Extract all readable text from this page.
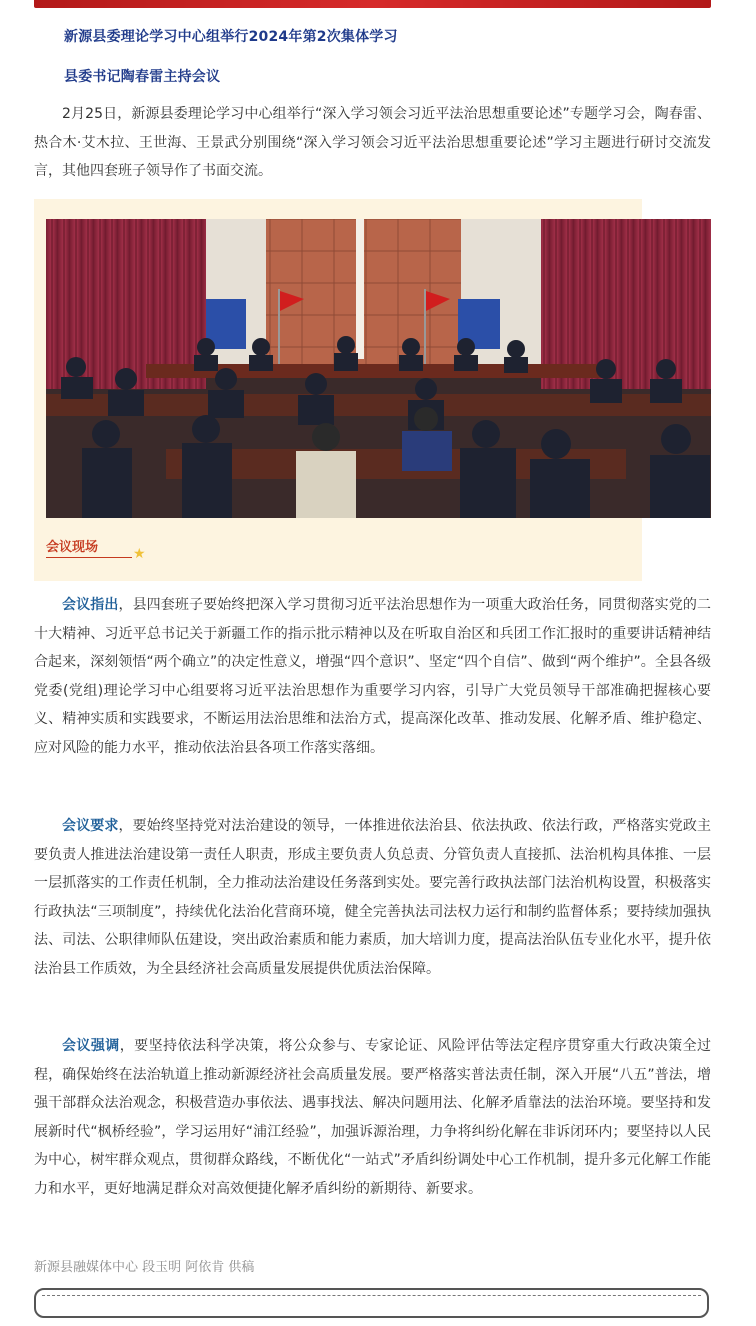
新源县委理论学习中心组举行2024年第2次集体学习
县委书记陶春雷主持会议

2月25日，新源县委理论学习中心组举行“深入学习领会习近平法治思想重要论述”专题学习会，陶春雷、热合木·艾木拉、王世海、王景武分别围绕“深入学习领会习近平法治思想重要论述”学习主题进行研讨交流发言，其他四套班子领导作了书面交流。

会议现场 ★

会议指出，县四套班子要始终把深入学习贯彻习近平法治思想作为一项重大政治任务，同贯彻落实党的二十大精神、习近平总书记关于新疆工作的指示批示精神以及在听取自治区和兵团工作汇报时的重要讲话精神结合起来，深刻领悟“两个确立”的决定性意义，增强“四个意识”、坚定“四个自信”、做到“两个维护”。全县各级党委(党组)理论学习中心组要将习近平法治思想作为重要学习内容，引导广大党员领导干部准确把握核心要义、精神实质和实践要求，不断运用法治思维和法治方式，提高深化改革、推动发展、化解矛盾、维护稳定、应对风险的能力水平，推动依法治县各项工作落实落细。

会议要求，要始终坚持党对法治建设的领导，一体推进依法治县、依法执政、依法行政，严格落实党政主要负责人推进法治建设第一责任人职责，形成主要负责人负总责、分管负责人直接抓、法治机构具体推、一层一层抓落实的工作责任机制，全力推动法治建设任务落到实处。要完善行政执法部门法治机构设置，积极落实行政执法“三项制度”，持续优化法治化营商环境，健全完善执法司法权力运行和制约监督体系；要持续加强执法、司法、公职律师队伍建设，突出政治素质和能力素质，加大培训力度，提高法治队伍专业化水平，提升依法治县工作质效，为全县经济社会高质量发展提供优质法治保障。

会议强调，要坚持依法科学决策，将公众参与、专家论证、风险评估等法定程序贯穿重大行政决策全过程，确保始终在法治轨道上推动新源经济社会高质量发展。要严格落实普法责任制，深入开展“八五”普法，增强干部群众法治观念，积极营造办事依法、遇事找法、解决问题用法、化解矛盾靠法的法治环境。要坚持和发展新时代“枫桥经验”，学习运用好“浦江经验”，加强诉源治理，力争将纠纷化解在非诉闭环内；要坚持以人民为中心，树牢群众观点，贯彻群众路线，不断优化“一站式”矛盾纠纷调处中心工作机制，提升多元化解工作能力和水平，更好地满足群众对高效便捷化解矛盾纠纷的新期待、新要求。

新源县融媒体中心 段玉明 阿依肯 供稿
